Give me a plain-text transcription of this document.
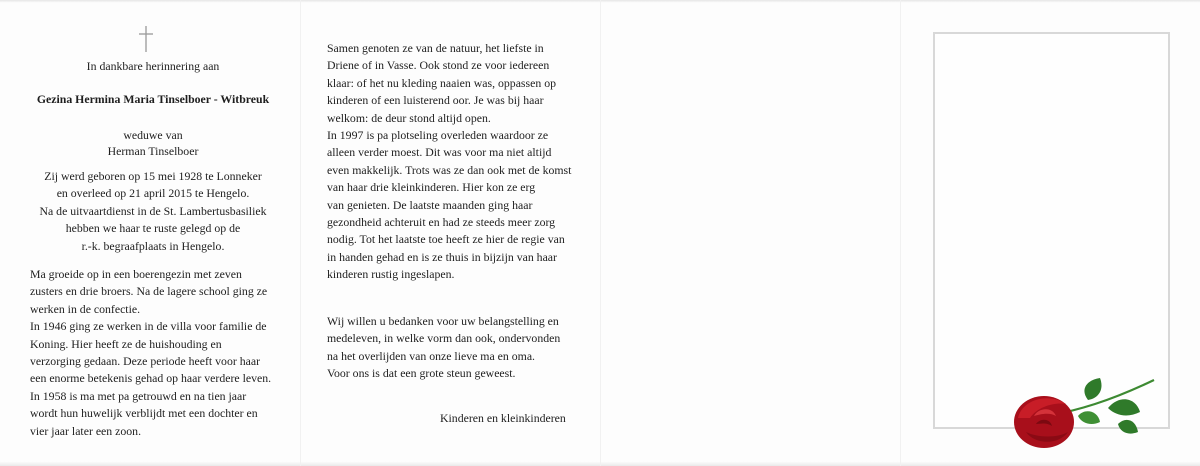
In dankbare herinnering aan
Gezina Hermina Maria Tinselboer - Witbreuk
weduwe van
Herman Tinselboer
Zij werd geboren op 15 mei 1928 te Lonneker
en overleed op 21 april 2015 te Hengelo.
Na de uitvaartdienst in de St. Lambertusbasiliek
hebben we haar te ruste gelegd op de
r.-k. begraafplaats in Hengelo.
Ma groeide op in een boerengezin met zeven
zusters en drie broers. Na de lagere school ging ze
werken in de confectie.
In 1946 ging ze werken in de villa voor familie de
Koning. Hier heeft ze de huishouding en
verzorging gedaan. Deze periode heeft voor haar
een enorme betekenis gehad op haar verdere leven.
In 1958 is ma met pa getrouwd en na tien jaar
wordt hun huwelijk verblijdt met een dochter en
vier jaar later een zoon.
Samen genoten ze van de natuur, het liefste in
Driene of in Vasse. Ook stond ze voor iedereen
klaar: of het nu kleding naaien was, oppassen op
kinderen of een luisterend oor. Je was bij haar
welkom: de deur stond altijd open.
In 1997 is pa plotseling overleden waardoor ze
alleen verder moest. Dit was voor ma niet altijd
even makkelijk. Trots was ze dan ook met de komst
van haar drie kleinkinderen. Hier kon ze erg
van genieten. De laatste maanden ging haar
gezondheid achteruit en had ze steeds meer zorg
nodig. Tot het laatste toe heeft ze hier de regie van
in handen gehad en is ze thuis in bijzijn van haar
kinderen rustig ingeslapen.
Wij willen u bedanken voor uw belangstelling en
medeleven, in welke vorm dan ook, ondervonden
na het overlijden van onze lieve ma en oma.
Voor ons is dat een grote steun geweest.
Kinderen en kleinkinderen
